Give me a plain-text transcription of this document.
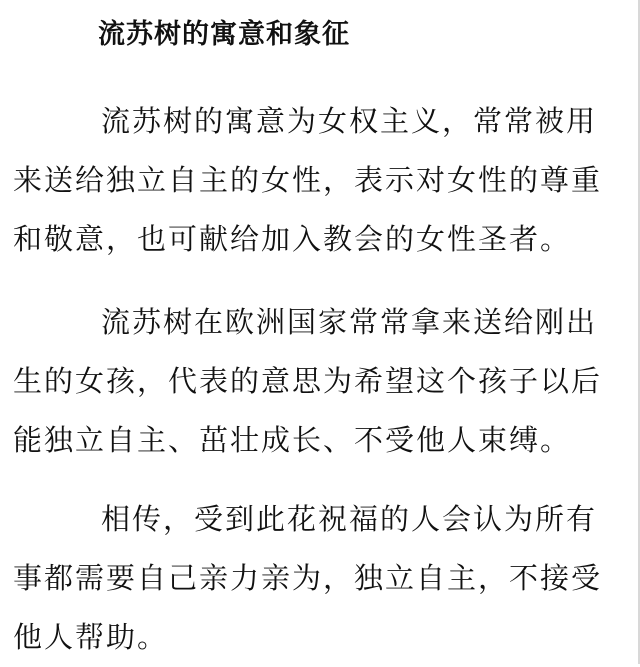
流苏树的寓意和象征
流苏树的寓意为女权主义，常常被用
来送给独立自主的女性，表示对女性的尊重
和敬意，也可献给加入教会的女性圣者。
流苏树在欧洲国家常常拿来送给刚出
生的女孩，代表的意思为希望这个孩子以后
能独立自主、茁壮成长、不受他人束缚。
相传，受到此花祝福的人会认为所有
事都需要自己亲力亲为，独立自主，不接受
他人帮助。
